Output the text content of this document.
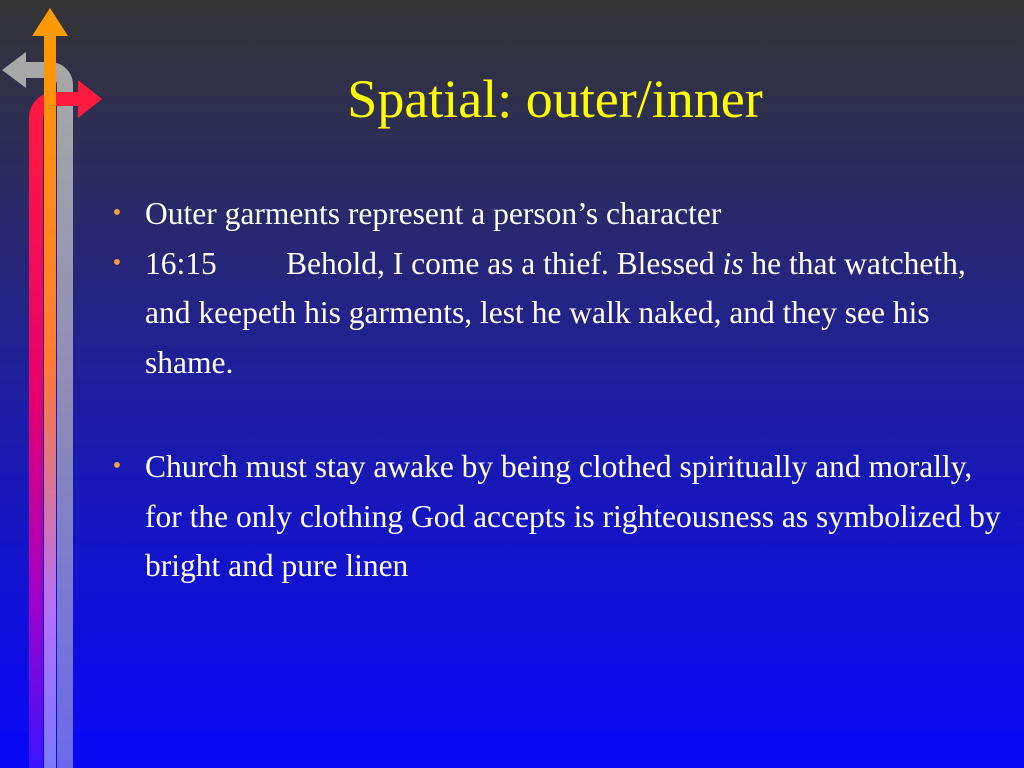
Spatial: outer/inner
• Outer garments represent a person’s character
• 16:15 Behold, I come as a thief. Blessed is he that watcheth, and keepeth his garments, lest he walk naked, and they see his shame.
• Church must stay awake by being clothed spiritually and morally, for the only clothing God accepts is righteousness as symbolized by bright and pure linen
